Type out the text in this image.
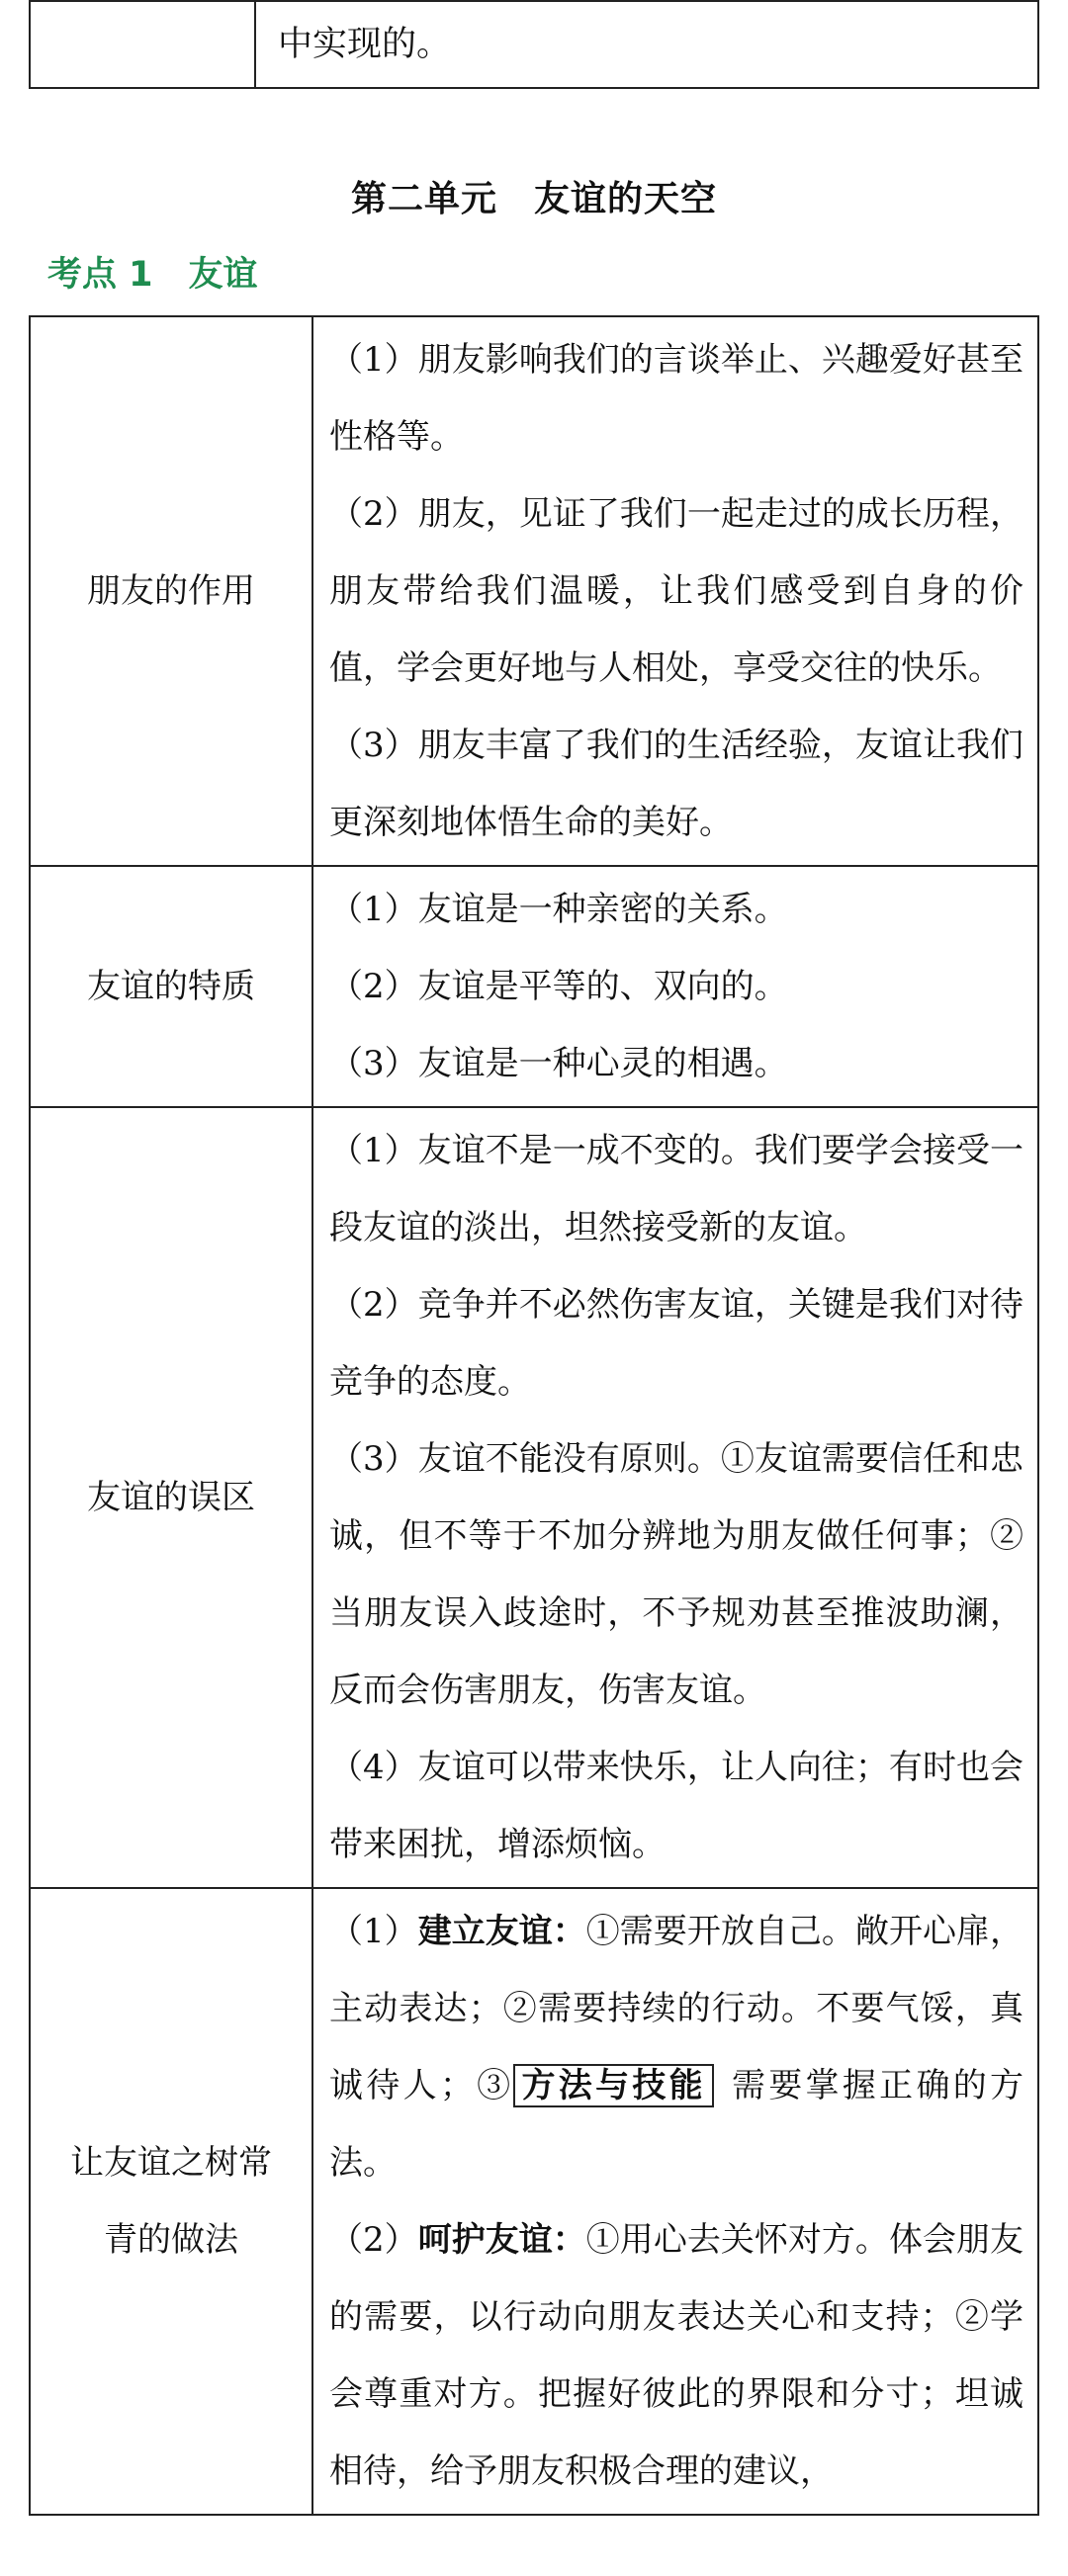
	中实现的。
第二单元　友谊的天空
考点 1 友谊
朋友的作用	（1）朋友影响我们的言谈举止、兴趣爱好甚至性格等。

（2）朋友，见证了我们一起走过的成长历程，朋友带给我们温暖，让我们感受到自身的价值，学会更好地与人相处，享受交往的快乐。

（3）朋友丰富了我们的生活经验，友谊让我们更深刻地体悟生命的美好。

友谊的特质	（1）友谊是一种亲密的关系。

（2）友谊是平等的、双向的。

（3）友谊是一种心灵的相遇。

友谊的误区	（1）友谊不是一成不变的。我们要学会接受一段友谊的淡出，坦然接受新的友谊。

（2）竞争并不必然伤害友谊，关键是我们对待竞争的态度。

（3）友谊不能没有原则。①友谊需要信任和忠诚，但不等于不加分辨地为朋友做任何事；②当朋友误入歧途时，不予规劝甚至推波助澜，反而会伤害朋友，伤害友谊。

（4）友谊可以带来快乐，让人向往；有时也会带来困扰，增添烦恼。

让友谊之树常青的做法	（1）建立友谊：①需要开放自己。敞开心扉，主动表达；②需要持续的行动。不要气馁，真诚待人；③ 方法与技能 需要掌握正确的方法。

（2）呵护友谊：①用心去关怀对方。体会朋友的需要，以行动向朋友表达关心和支持；②学会尊重对方。把握好彼此的界限和分寸；坦诚相待，给予朋友积极合理的建议，
